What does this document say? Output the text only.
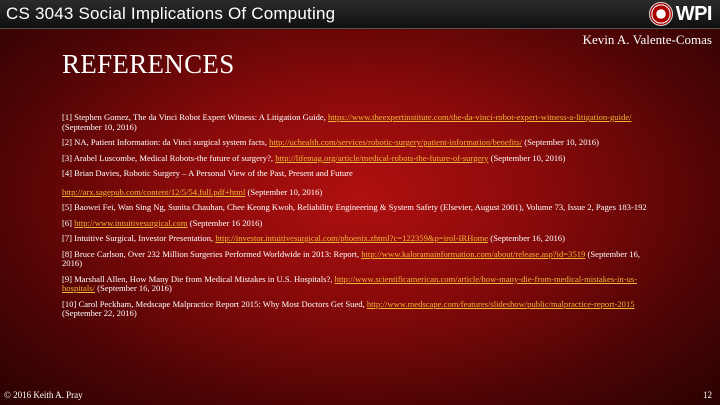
CS 3043 Social Implications Of Computing	WPI
Kevin A. Valente-Comas
REFERENCES
[1] Stephen Gomez, The da Vinci Robot Expert Witness: A Litigation Guide, https://www.theexpertinstitute.com/the-da-vinci-robot-expert-witness-a-litigation-guide/ (September 10, 2016)
[2] NA, Patient Information: da Vinci surgical system facts, http://uchealth.com/services/robotic-surgery/patient-information/benefits/ (September 10, 2016)
[3] Arabel Luscombe, Medical Robots-the future of surgery?, http://lifemag.org/article/medical-robots-the-future-of-surgery (September 10, 2016)
[4] Brian Davies, Robotic Surgery – A Personal View of the Past, Present and Future
http://arx.sagepub.com/content/12/5/54.full.pdf+html (September 10, 2016)
[5] Baowei Fei, Wan Sing Ng, Sunita Chauhan, Chee Keong Kwoh, Reliability Engineering & System Safety (Elsevier, August 2001), Volume 73, Issue 2, Pages 183-192
[6] http://www.intuitivesurgical.com (September 16 2016)
[7] Intuitive Surgical, Investor Presentation, http://investor.intuitivesurgical.com/phoenix.zhtml?c=122359&p=irol-IRHome (September 16, 2016)
[8] Bruce Carlson, Over 232 Million Surgeries Performed Worldwide in 2013: Report, http://www.kaloramainformation.com/about/release.asp?id=3519 (September 16, 2016)
[9] Marshall Allen, How Many Die from Medical Mistakes in U.S. Hospitals?, http://www.scientificamerican.com/article/how-many-die-from-medical-mistakes-in-us-hospitals/ (September 16, 2016)
[10] Carol Peckham, Medscape Malpractice Report 2015: Why Most Doctors Get Sued, http://www.medscape.com/features/slideshow/public/malpractice-report-2015 (September 22, 2016)
© 2016 Keith A. Pray	12
